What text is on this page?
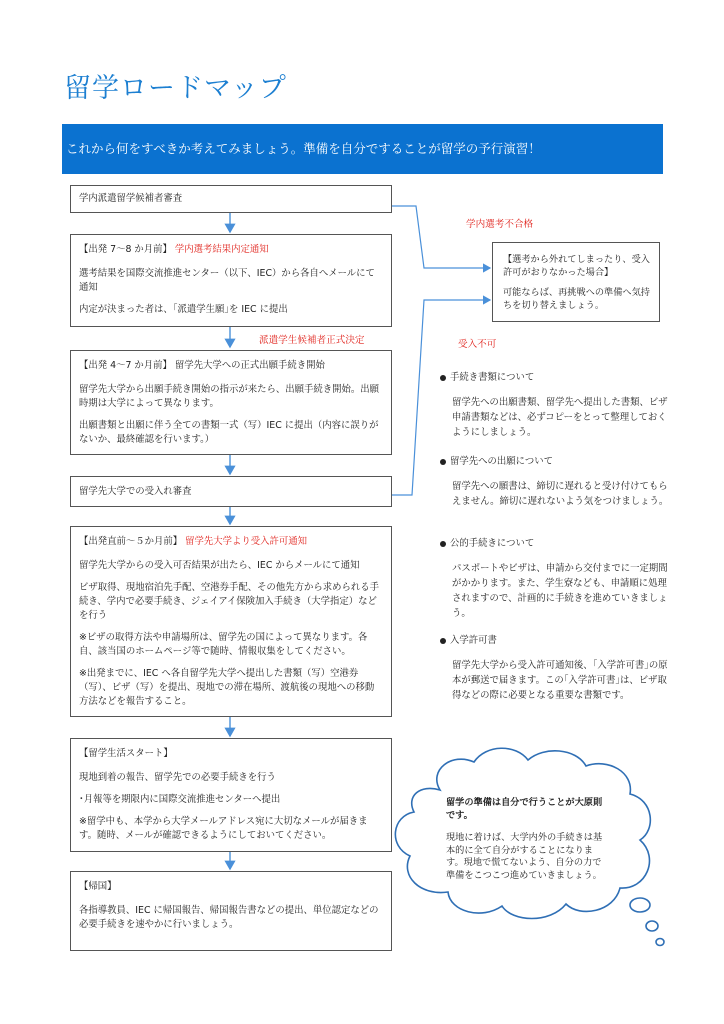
留学ロードマップ
これから何をすべきか考えてみましょう。準備を自分ですることが留学の予行演習！
学内派遣留学候補者審査

【出発 7～8 か月前】 学内選考結果内定通知

選考結果を国際交流推進センター（以下、IEC）から各自へメールにて通知

内定が決まった者は、｢派遣学生願｣を IEC に提出

【出発 4～7 か月前】 留学先大学への正式出願手続き開始

留学先大学から出願手続き開始の指示が来たら、出願手続き開始。出願時期は大学によって異なります。

出願書類と出願に伴う全ての書類一式（写）IEC に提出（内容に誤りがないか、最終確認を行います。）

留学先大学での受入れ審査

【出発直前～５か月前】 留学先大学より受入許可通知

留学先大学からの受入可否結果が出たら、IEC からメールにて通知

ビザ取得、現地宿泊先手配、空港券手配、その他先方から求められる手続き、学内で必要手続き、ジェイアイ保険加入手続き（大学指定）などを行う

※ビザの取得方法や申請場所は、留学先の国によって異なります。各自、該当国のホームページ等で随時、情報収集をしてください。

※出発までに、IEC へ各自留学先大学へ提出した書類（写）空港券（写）、ビザ（写）を提出、現地での滞在場所、渡航後の現地への移動方法などを報告すること。

【留学生活スタート】

現地到着の報告、留学先での必要手続きを行う

･月報等を期限内に国際交流推進センターへ提出

※留学中も、本学から大学メールアドレス宛に大切なメールが届きます。随時、メールが確認できるようにしておいてください。

【帰国】

各指導教員、IEC に帰国報告、帰国報告書などの提出、単位認定などの必要手続きを速やかに行いましょう。

学内選考不合格
派遣学生候補者正式決定	受入不可

【選考から外れてしまったり、受入許可がおりなかった場合】

可能ならば、再挑戦への準備へ気持ちを切り替えましょう。

手続き書類について
留学先への出願書類、留学先へ提出した書類、ビザ申請書類などは、必ずコピーをとって整理しておくようにしましょう。
留学先への出願について
留学先への願書は、締切に遅れると受け付けてもらえません。締切に遅れないよう気をつけましょう。
公的手続きについて
パスポートやビザは、申請から交付までに一定期間がかかります。また、学生寮なども、申請順に処理されますので、計画的に手続きを進めていきましょう。
入学許可書
留学先大学から受入許可通知後、｢入学許可書｣の原本が郵送で届きます。この｢入学許可書｣は、ビザ取得などの際に必要となる重要な書類です。
留学の準備は自分で行うことが大原則です。
現地に着けば、大学内外の手続きは基本的に全て自分がすることになります。現地で慌てないよう、自分の力で準備をこつこつ進めていきましょう。
